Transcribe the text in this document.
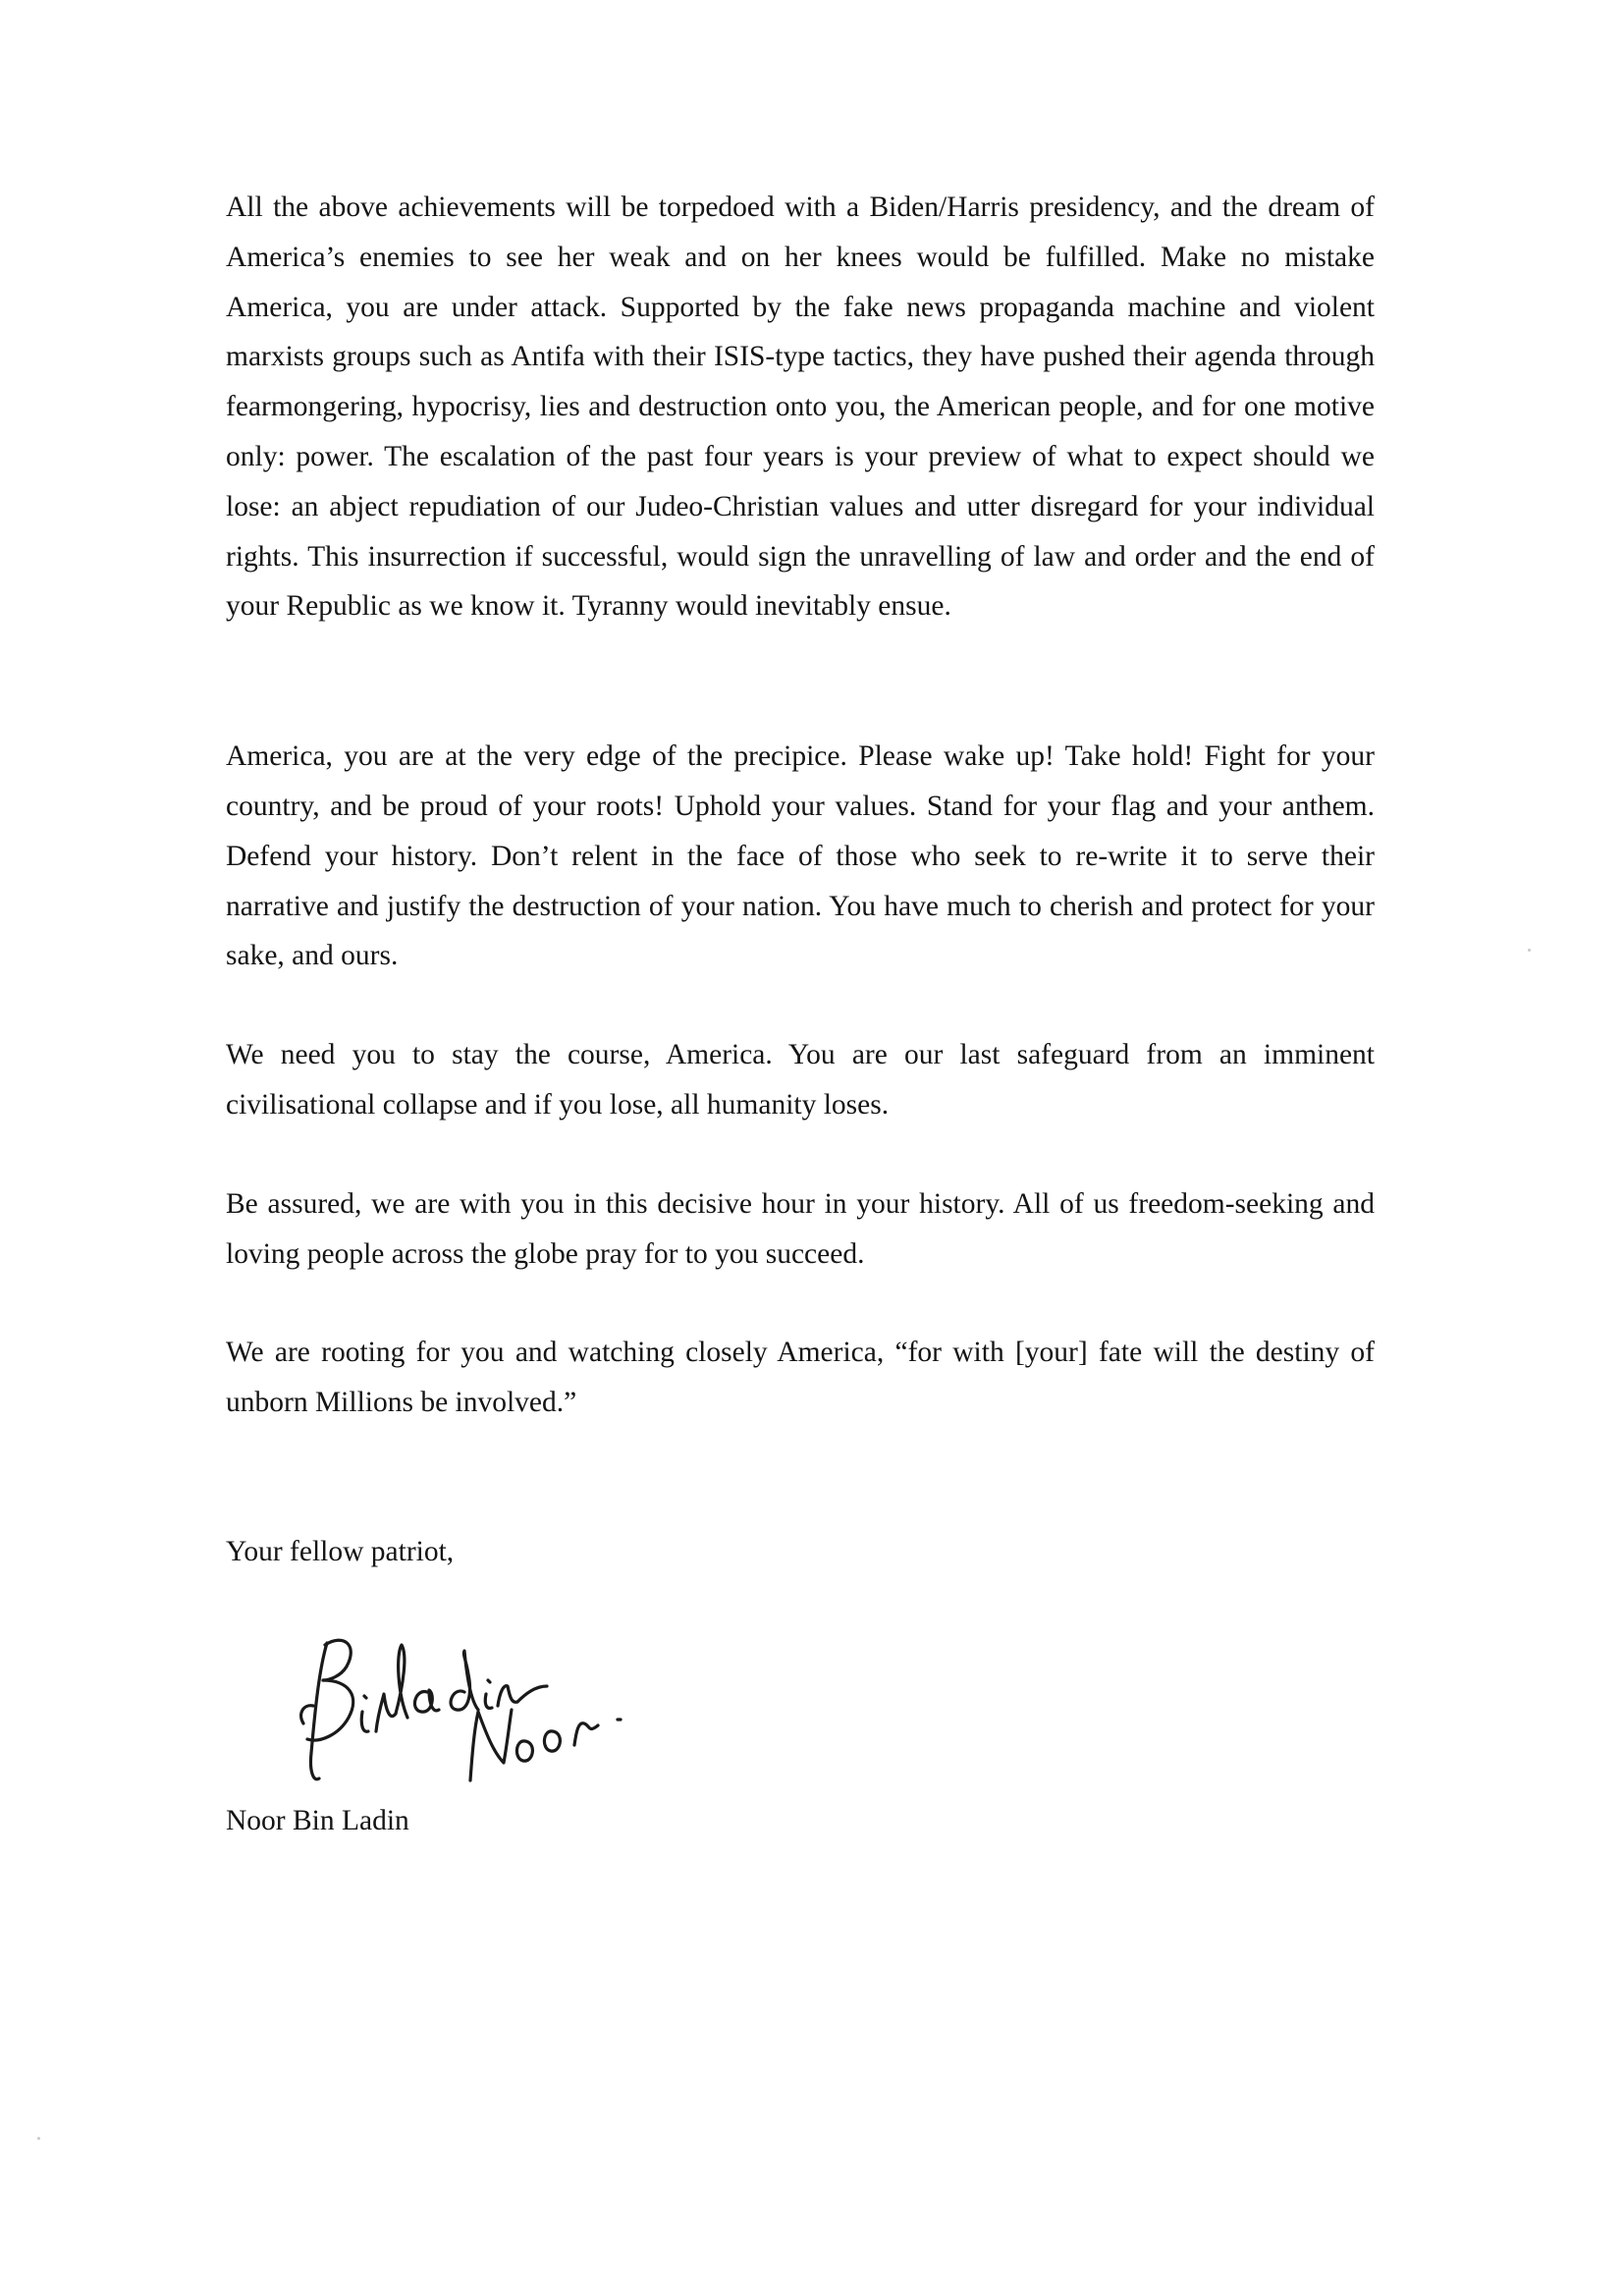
All the above achievements will be torpedoed with a Biden/Harris presidency, and the dream of America’s enemies to see her weak and on her knees would be fulfilled. Make no mistake America, you are under attack. Supported by the fake news propaganda machine and violent marxists groups such as Antifa with their ISIS-type tactics, they have pushed their agenda through fearmongering, hypocrisy, lies and destruction onto you, the American people, and for one motive only: power. The escalation of the past four years is your preview of what to expect should we lose: an abject repudiation of our Judeo-Christian values and utter disregard for your individual rights. This insurrection if successful, would sign the unravelling of law and order and the end of your Republic as we know it. Tyranny would inevitably ensue.

America, you are at the very edge of the precipice. Please wake up! Take hold! Fight for your country, and be proud of your roots! Uphold your values. Stand for your flag and your anthem. Defend your history. Don’t relent in the face of those who seek to re-write it to serve their narrative and justify the destruction of your nation. You have much to cherish and protect for your sake, and ours.

We need you to stay the course, America. You are our last safeguard from an imminent civilisational collapse and if you lose, all humanity loses.

Be assured, we are with you in this decisive hour in your history. All of us freedom-seeking and loving people across the globe pray for to you succeed.

We are rooting for you and watching closely America, “for with [your] fate will the destiny of unborn Millions be involved.”

Your fellow patriot,

Noor Bin Ladin
